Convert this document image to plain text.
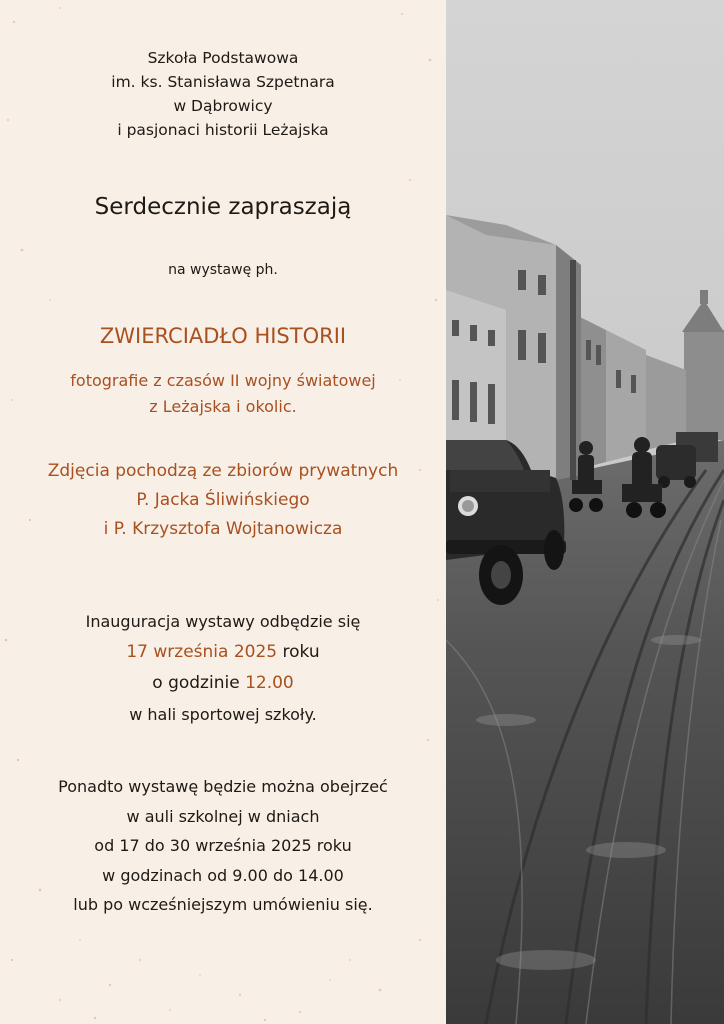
Szkoła Podstawowa
im. ks. Stanisława Szpetnara
w Dąbrowicy
i pasjonaci historii Leżajska
Serdecznie zapraszają
na wystawę ph.
ZWIERCIADŁO HISTORII
fotografie z czasów II wojny światowej
z Leżajska i okolic.
Zdjęcia pochodzą ze zbiorów prywatnych
P. Jacka Śliwińskiego
i P. Krzysztofa Wojtanowicza
Inauguracja wystawy odbędzie się
17 września 2025 roku
o godzinie 12.00
w hali sportowej szkoły.
Ponadto wystawę będzie można obejrzeć
w auli szkolnej w dniach
od 17 do 30 września 2025 roku
w godzinach od 9.00 do 14.00
lub po wcześniejszym umówieniu się.
